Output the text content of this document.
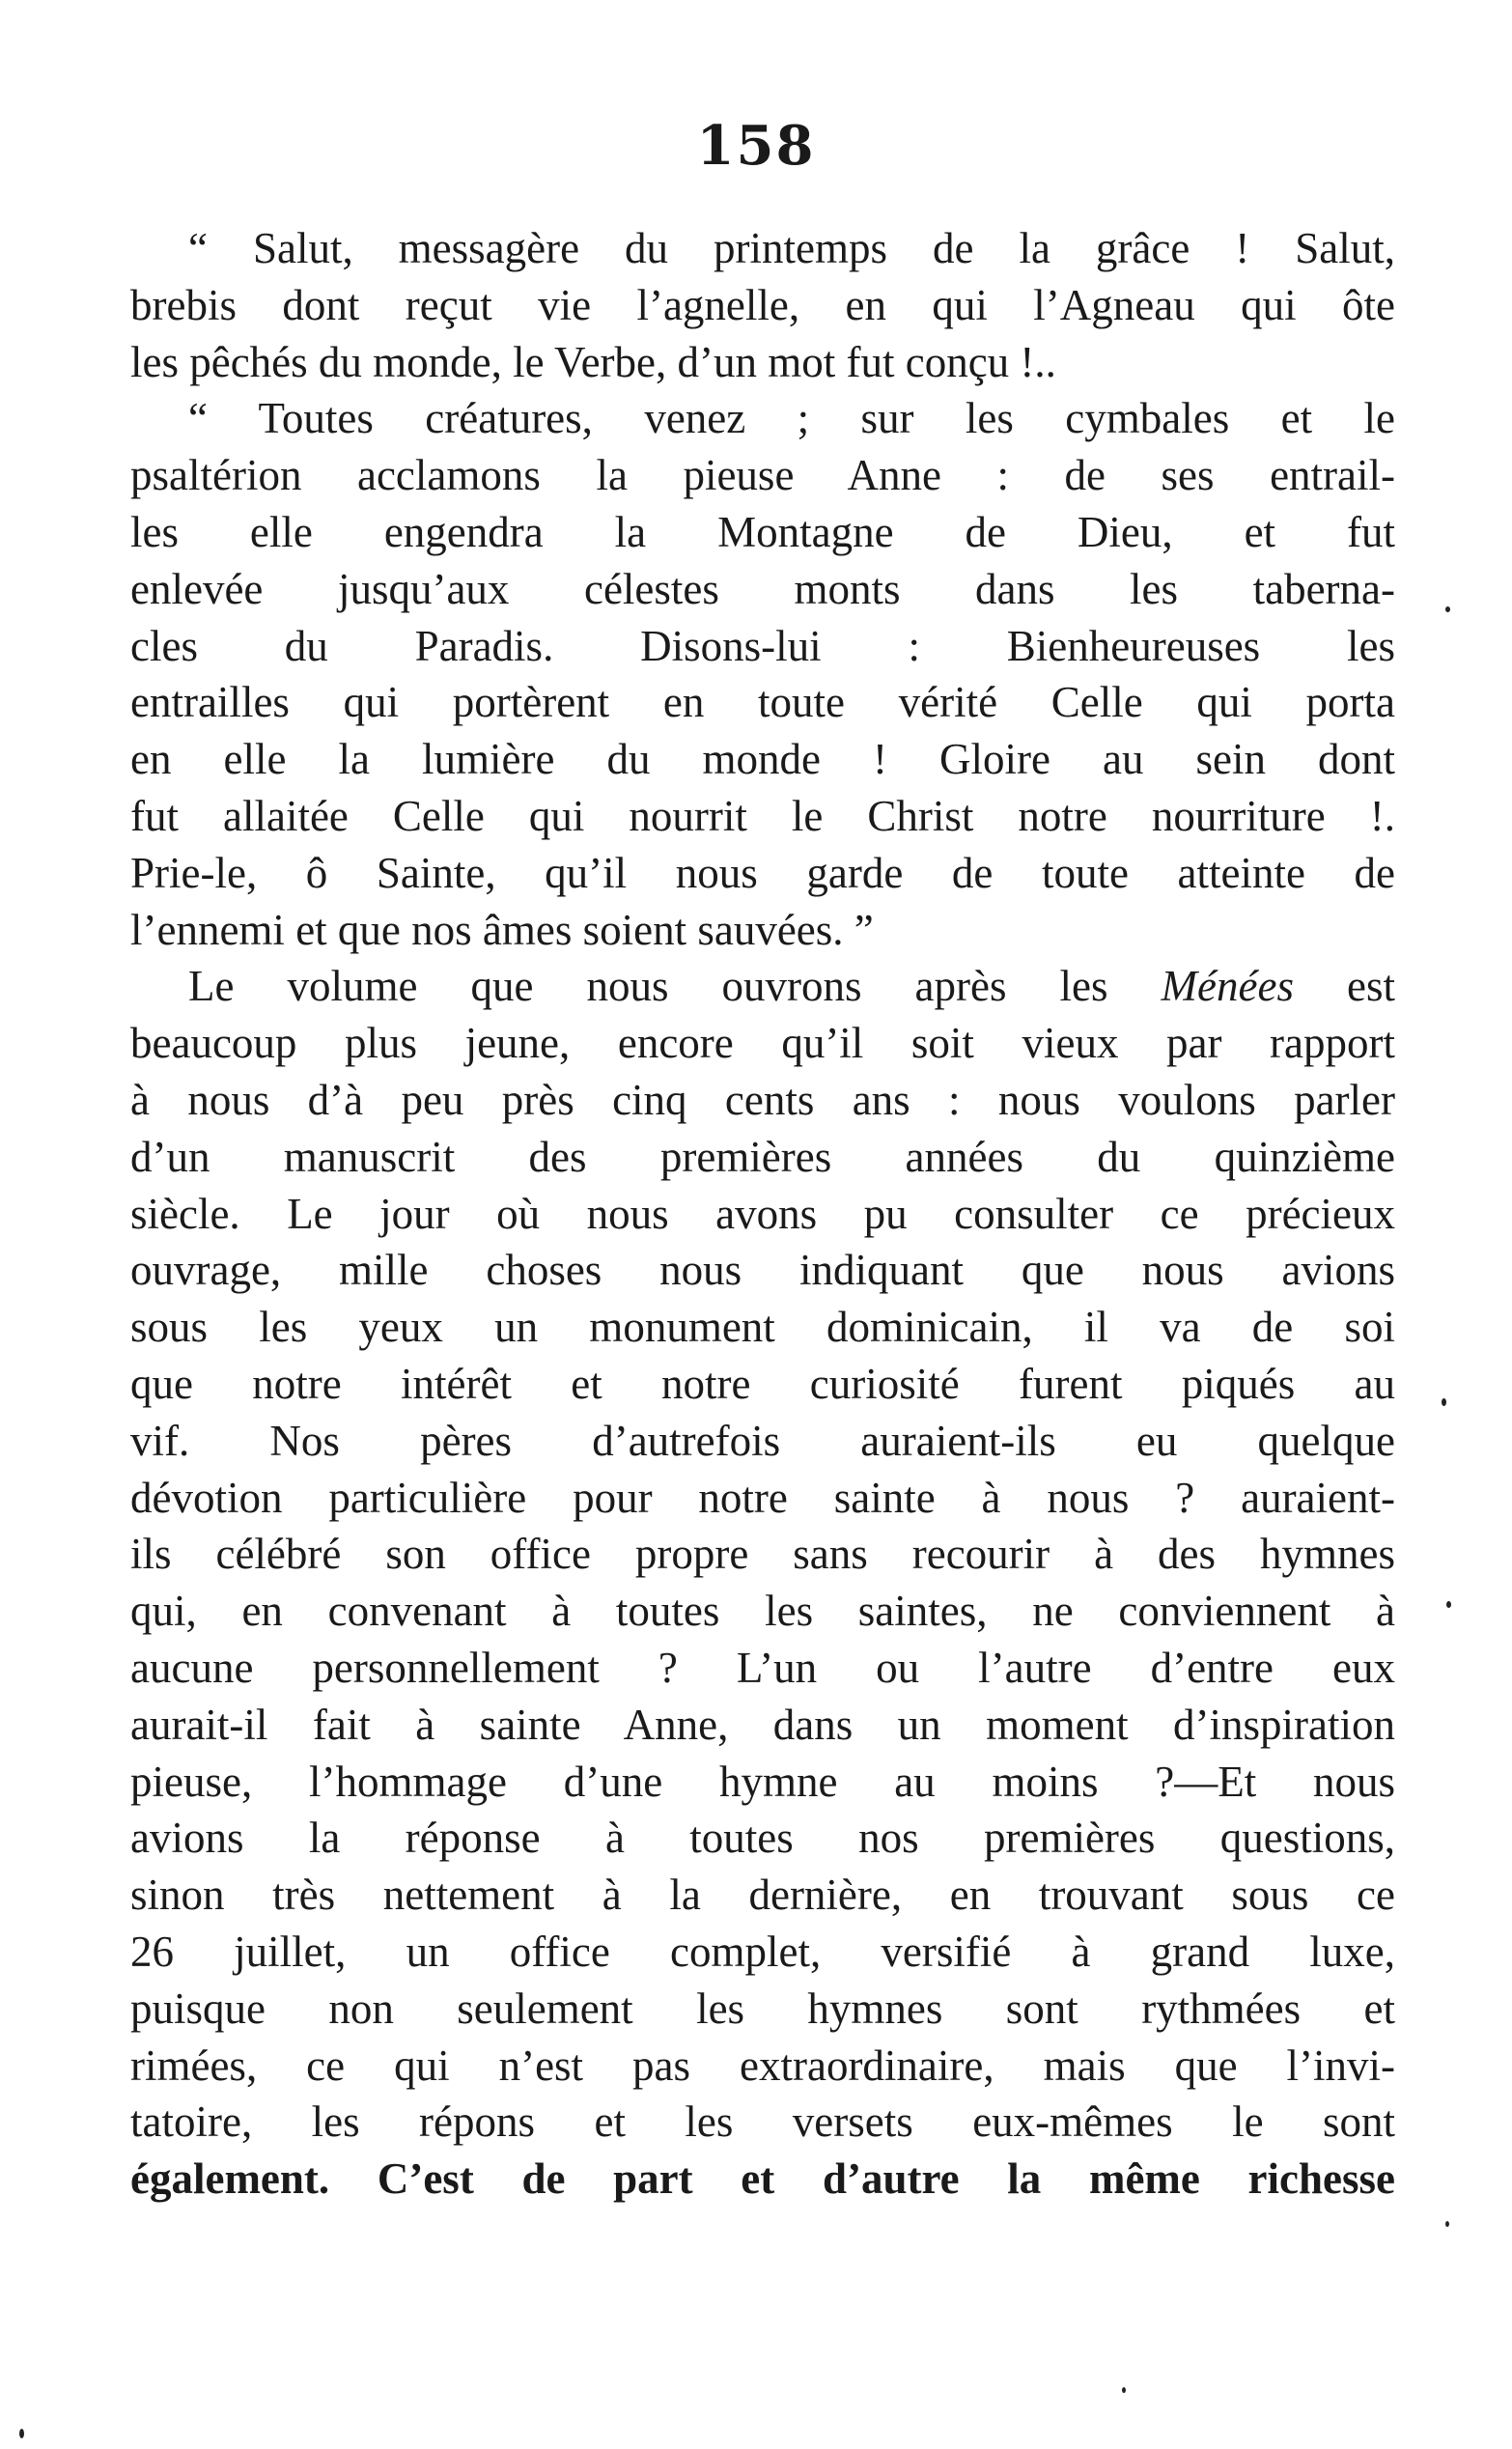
158
“ Salut, messagère du printemps de la grâce ! Salut,
brebis dont reçut vie l’agnelle, en qui l’Agneau qui ôte
les pêchés du monde, le Verbe, d’un mot fut conçu !..
“ Toutes créatures, venez ; sur les cymbales et le
psaltérion acclamons la pieuse Anne : de ses entrail-
les elle engendra la Montagne de Dieu, et fut
enlevée jusqu’aux célestes monts dans les taberna-
cles du Paradis. Disons-lui : Bienheureuses les
entrailles qui portèrent en toute vérité Celle qui porta
en elle la lumière du monde ! Gloire au sein dont
fut allaitée Celle qui nourrit le Christ notre nourriture !.
Prie-le, ô Sainte, qu’il nous garde de toute atteinte de
l’ennemi et que nos âmes soient sauvées. ”
Le volume que nous ouvrons après les Ménées est
beaucoup plus jeune, encore qu’il soit vieux par rapport
à nous d’à peu près cinq cents ans : nous voulons parler
d’un manuscrit des premières années du quinzième
siècle. Le jour où nous avons pu consulter ce précieux
ouvrage, mille choses nous indiquant que nous avions
sous les yeux un monument dominicain, il va de soi
que notre intérêt et notre curiosité furent piqués au
vif. Nos pères d’autrefois auraient-ils eu quelque
dévotion particulière pour notre sainte à nous ? auraient-
ils célébré son office propre sans recourir à des hymnes
qui, en convenant à toutes les saintes, ne conviennent à
aucune personnellement ? L’un ou l’autre d’entre eux
aurait-il fait à sainte Anne, dans un moment d’inspiration
pieuse, l’hommage d’une hymne au moins ?—Et nous
avions la réponse à toutes nos premières questions,
sinon très nettement à la dernière, en trouvant sous ce
26 juillet, un office complet, versifié à grand luxe,
puisque non seulement les hymnes sont rythmées et
rimées, ce qui n’est pas extraordinaire, mais que l’invi-
tatoire, les répons et les versets eux-mêmes le sont
également. C’est de part et d’autre la même richesse
